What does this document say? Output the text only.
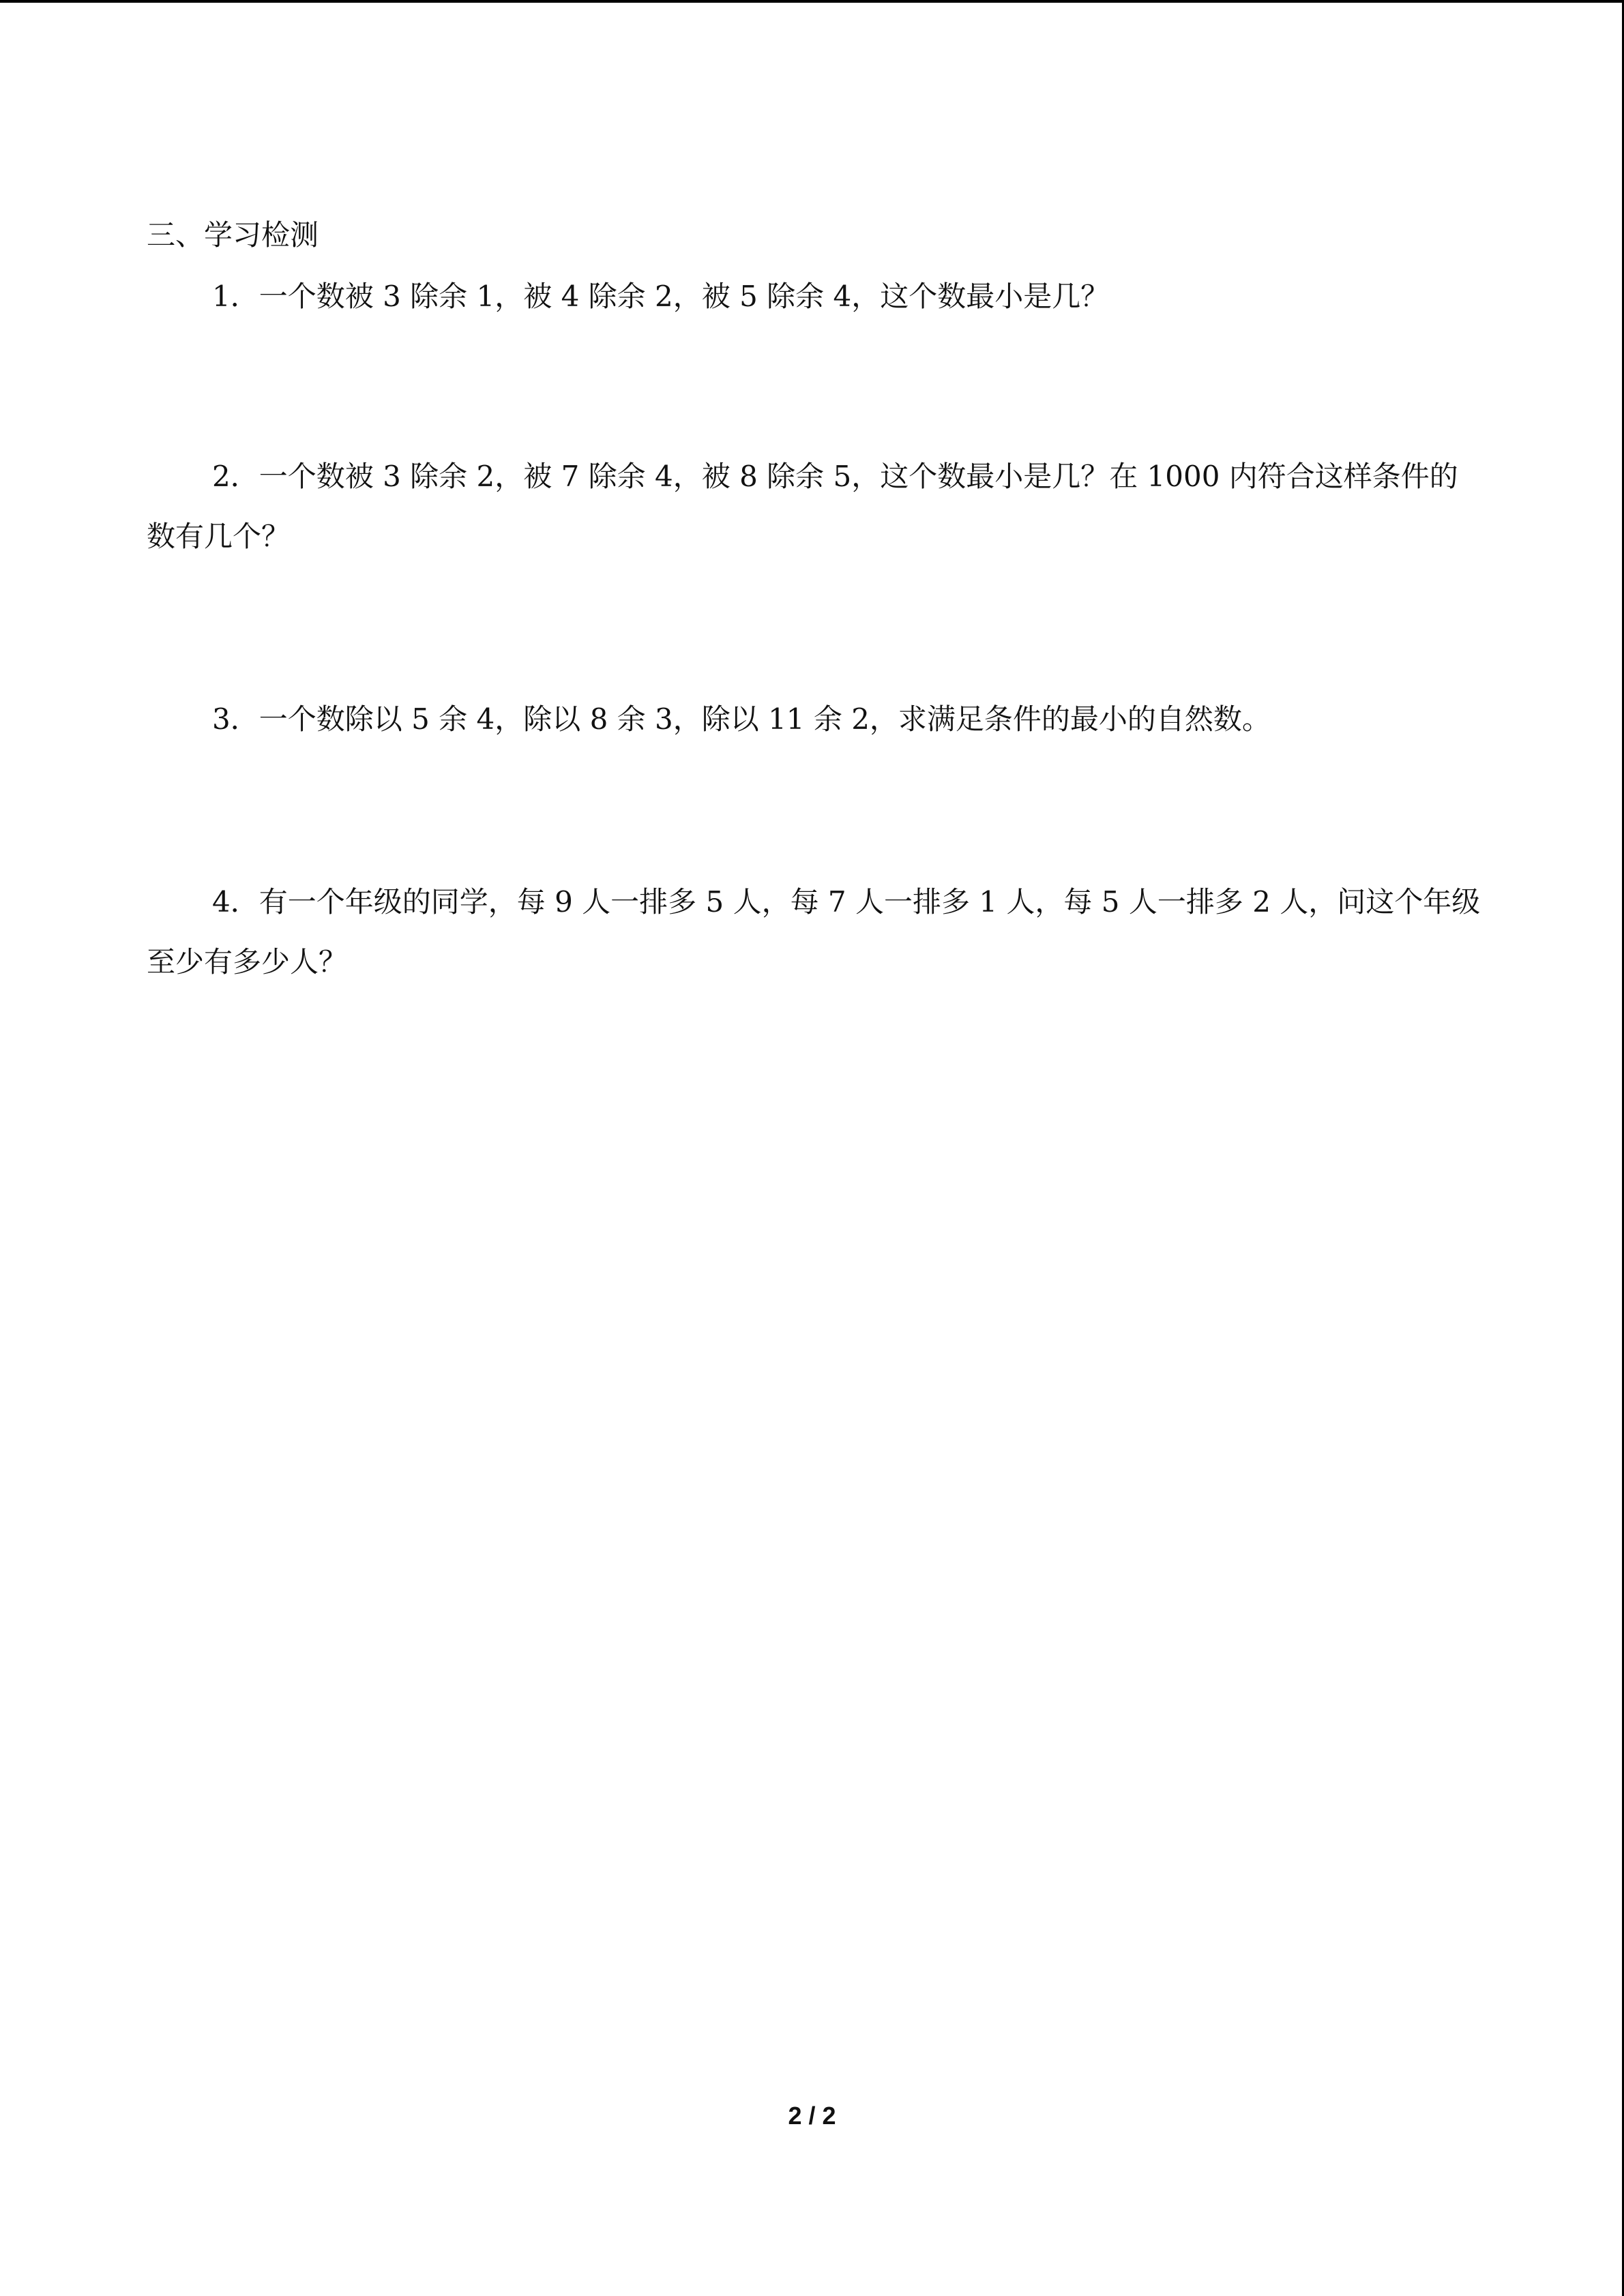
三、学习检测

1．一个数被 3 除余 1，被 4 除余 2，被 5 除余 4，这个数最小是几？

2．一个数被 3 除余 2，被 7 除余 4，被 8 除余 5，这个数最小是几？在 1000 内符合这样条件的数有几个？

3．一个数除以 5 余 4，除以 8 余 3，除以 11 余 2，求满足条件的最小的自然数。

4．有一个年级的同学，每 9 人一排多 5 人，每 7 人一排多 1 人，每 5 人一排多 2 人，问这个年级至少有多少人？

2 / 2
